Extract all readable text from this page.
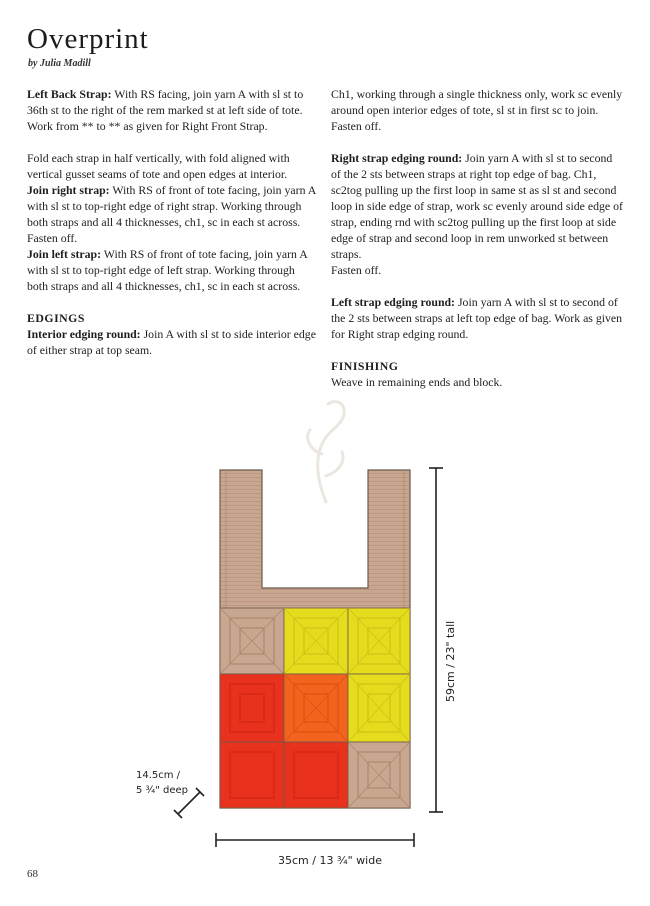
Overprint
by Julia Madill

Left Back Strap: With RS facing, join yarn A with sl st to 36th st to the right of the rem marked st at left side of tote. Work from ** to ** as given for Right Front Strap.

Fold each strap in half vertically, with fold aligned with vertical gusset seams of tote and open edges at interior.

Join right strap: With RS of front of tote facing, join yarn A with sl st to top-right edge of right strap. Working through both straps and all 4 thicknesses, ch1, sc in each st across.

Fasten off.

Join left strap: With RS of front of tote facing, join yarn A with sl st to top-right edge of left strap. Working through both straps and all 4 thicknesses, ch1, sc in each st across.

EDGINGS

Interior edging round: Join A with sl st to side interior edge of either strap at top seam.

Ch1, working through a single thickness only, work sc evenly around open interior edges of tote, sl st in first sc to join.

Fasten off.

Right strap edging round: Join yarn A with sl st to second of the 2 sts between straps at right top edge of bag. Ch1, sc2tog pulling up the first loop in same st as sl st and second loop in side edge of strap, work sc evenly around side edge of strap, ending rnd with sc2tog pulling up the first loop at side edge of strap and second loop in rem unworked st between straps.

Fasten off.

Left strap edging round: Join yarn A with sl st to second of the 2 sts between straps at left top edge of bag. Work as given for Right strap edging round.

FINISHING

Weave in remaining ends and block.

59cm / 23" tall
35cm / 13 ¾" wide
14.5cm /
5 ¾" deep
68
